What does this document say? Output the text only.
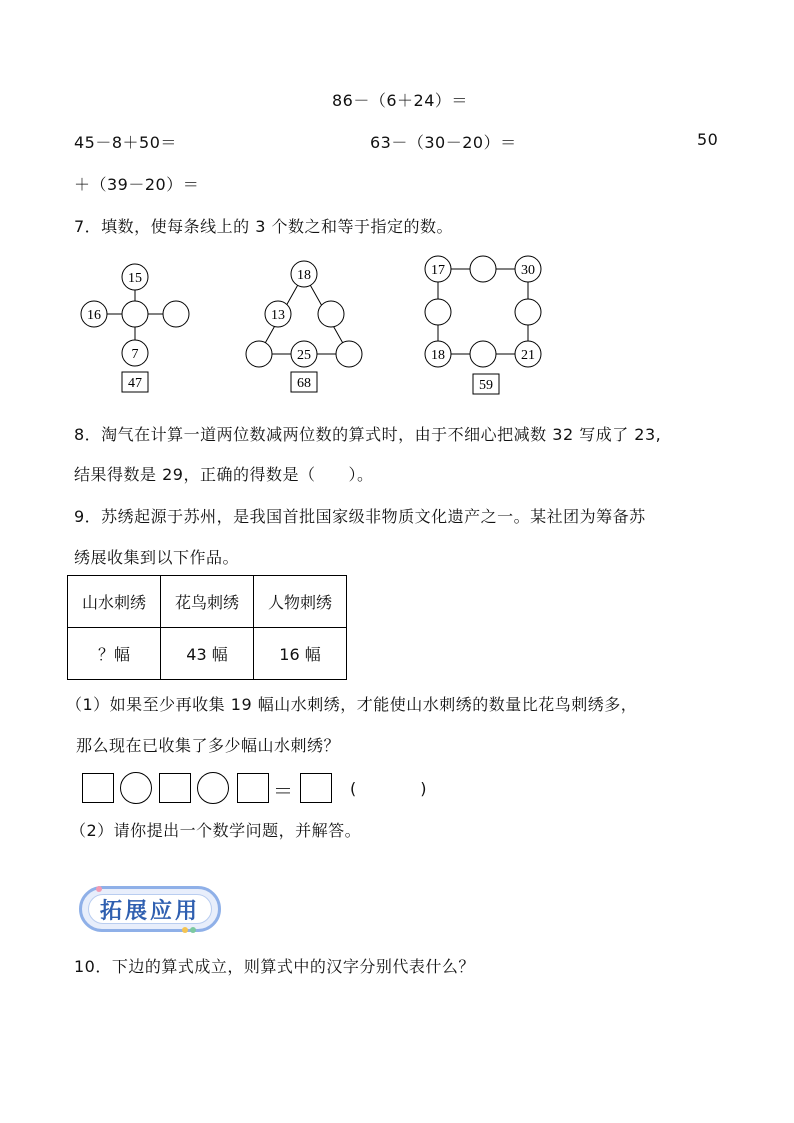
86－（6＋24）＝
45－8＋50＝	63－（30－20）＝	50
＋（39－20）＝
7．填数，使每条线上的 3 个数之和等于指定的数。
15
16
7
47
18
13
25
68
17	30
18	21
59
8．淘气在计算一道两位数减两位数的算式时，由于不细心把减数 32 写成了 23,
结果得数是 29，正确的得数是（　　）。
9．苏绣起源于苏州，是我国首批国家级非物质文化遗产之一。某社团为筹备苏
绣展收集到以下作品。
山水刺绣	花鸟刺绣	人物刺绣
？幅	43 幅	16 幅
（1）如果至少再收集 19 幅山水刺绣，才能使山水刺绣的数量比花鸟刺绣多，
那么现在已收集了多少幅山水刺绣？
＝	(　　　　)
（2）请你提出一个数学问题，并解答。
拓展应用
10．下边的算式成立，则算式中的汉字分别代表什么？
